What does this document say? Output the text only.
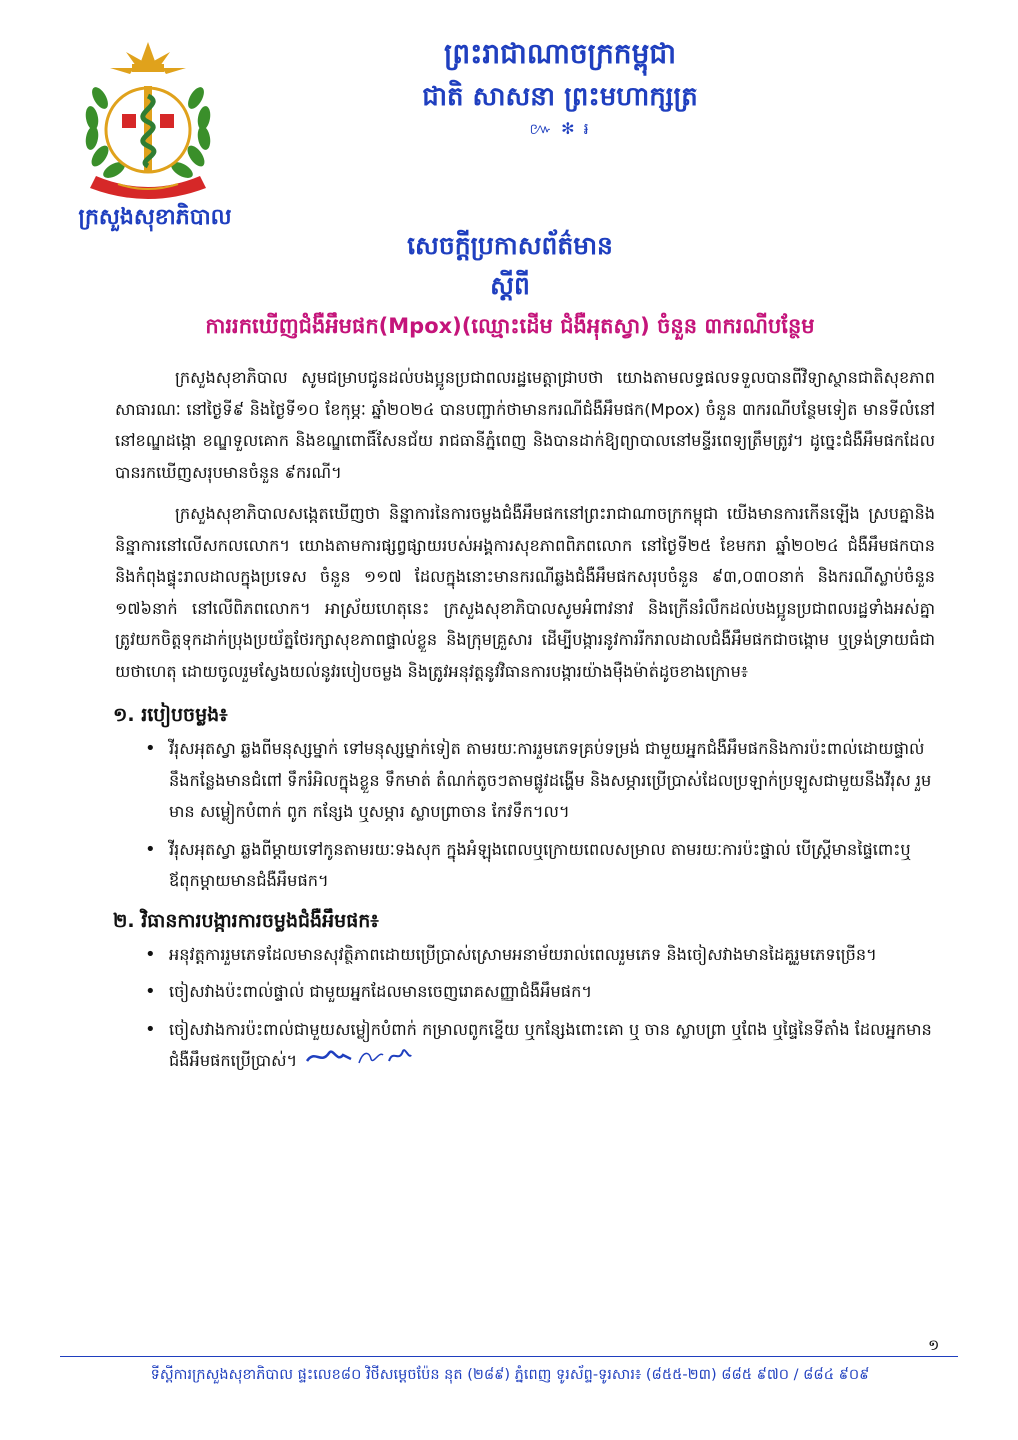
ក្រសួងសុខាភិបាល
ព្រះរាជាណាចក្រកម្ពុជា
ជាតិ សាសនា ព្រះមហាក្សត្រ
៚ ✻ ៛
សេចក្តីប្រកាសព័ត៌មាន
ស្តីពី
ការរកឃើញជំងឺអឹមផក(Mpox)(ឈ្មោះដើម ជំងឺអុតស្វា) ចំនួន ៣ករណីបន្ថែម

ក្រសួងសុខាភិបាល សូមជម្រាបជូនដល់បងប្អូនប្រជាពលរដ្ឋមេត្តាជ្រាបថា យោងតាមលទ្ធផលទទួលបានពីវិទ្យាស្ថានជាតិសុខភាពសាធារណៈ នៅថ្ងៃទី៩ និងថ្ងៃទី១០ ខែកុម្ភៈ ឆ្នាំ២០២៤ បានបញ្ជាក់ថាមានករណីជំងឺអឹមផក(Mpox) ចំនួន ៣ករណីបន្ថែមទៀត មានទីលំនៅនៅខណ្ឌដង្កោ ខណ្ឌទួលគោក និងខណ្ឌពោធិ៍សែនជ័យ រាជធានីភ្នំពេញ និងបានដាក់ឱ្យព្យាបាលនៅមន្ទីរពេទ្យត្រឹមត្រូវ។ ដូច្នេះជំងឺអឹមផកដែលបានរកឃើញសរុបមានចំនួន ៩ករណី។

ក្រសួងសុខាភិបាលសង្កេតឃើញថា និន្នាការនៃការចម្លងជំងឺអឹមផកនៅព្រះរាជាណាចក្រកម្ពុជា យើងមានការកើនឡើង ស្របគ្នានិងនិន្នាការនៅលើសកលលោក។ យោងតាមការផ្សព្វផ្សាយរបស់អង្គការសុខភាពពិភពលោក នៅថ្ងៃទី២៥ ខែមករា ឆ្នាំ២០២៤ ជំងឺអឹមផកបាននិងកំពុងផ្ទុះរាលដាលក្នុងប្រទេស ចំនួន ១១៧ ដែលក្នុងនោះមានករណីឆ្លងជំងឺអឹមផកសរុបចំនួន ៩៣,០៣០នាក់ និងករណីស្លាប់ចំនួន ១៧៦នាក់ នៅលើពិភពលោក។ អាស្រ័យហេតុនេះ ក្រសួងសុខាភិបាលសូមអំពាវនាវ និងក្រើនរំលឹកដល់បងប្អូនប្រជាពលរដ្ឋទាំងអស់គ្នា ត្រូវយកចិត្តទុកដាក់ប្រុងប្រយ័ត្នថែរក្សាសុខភាពផ្ទាល់ខ្លួន និងក្រុមគ្រួសារ ដើម្បីបង្ការនូវការរីករាលដាលជំងឺអឹមផកជាចង្កោម ឬទ្រង់ទ្រាយធំជាយថាហេតុ ដោយចូលរួមស្វែងយល់នូវរបៀបចម្លង និងត្រូវអនុវត្តនូវវិធានការបង្ការយ៉ាងម៉ឺងម៉ាត់ដូចខាងក្រោម៖

១. របៀបចម្លង៖
• វីរុសអុតស្វា ឆ្លងពីមនុស្សម្នាក់ ទៅមនុស្សម្នាក់ទៀត តាមរយៈការរួមភេទគ្រប់ទម្រង់ ជាមួយអ្នកជំងឺអឹមផកនិងការប៉ះពាល់ដោយផ្ទាល់នឹងកន្លែងមានជំពៅ ទឹករំអិលក្នុងខ្លួន ទឹកមាត់ តំណក់តូចៗតាមផ្លូវដង្ហើម និងសម្ភារប្រើប្រាស់ដែលប្រឡាក់ប្រឡូសជាមួយនឹងវីរុស រួមមាន សម្លៀកបំពាក់ ពូក កន្សែង ឬសម្ភារ ស្លាបព្រាចាន កែវទឹក។ល។
• វីរុសអុតស្វា ឆ្លងពីម្តាយទៅកូនតាមរយៈទងសុក ក្នុងអំឡុងពេលឬក្រោយពេលសម្រាល តាមរយៈការប៉ះផ្ទាល់ បើស្ត្រីមានផ្ទៃពោះឬឪពុកម្តាយមានជំងឺអឹមផក។
២. វិធានការបង្ការការចម្លងជំងឺអឹមផក៖
• អនុវត្តការរួមភេទដែលមានសុវត្ថិភាពដោយប្រើប្រាស់ស្រោមអនាម័យរាល់ពេលរួមភេទ និងចៀសវាងមានដៃគូរួមភេទច្រើន។
• ចៀសវាងប៉ះពាល់ផ្ទាល់ ជាមួយអ្នកដែលមានចេញរោគសញ្ញាជំងឺអឹមផក។
• ចៀសវាងការប៉ះពាល់ជាមួយសម្លៀកបំពាក់ កម្រាលពូកខ្នើយ ឬកន្សែងពោះគោ ឬ ចាន ស្លាបព្រា ឬពែង ឬផ្ទៃនៃទីតាំង ដែលអ្នកមានជំងឺអឹមផកប្រើប្រាស់។
១
ទីស្តីការក្រសួងសុខាភិបាល ផ្ទះលេខ៨០ វិថីសម្តេចប៉ែន នុត (២៨៩) ភ្នំពេញ ទូរស័ព្ទ-ទូរសារ៖ (៨៥៥-២៣) ៨៨៥ ៩៧០ / ៨៨៤ ៩០៩
